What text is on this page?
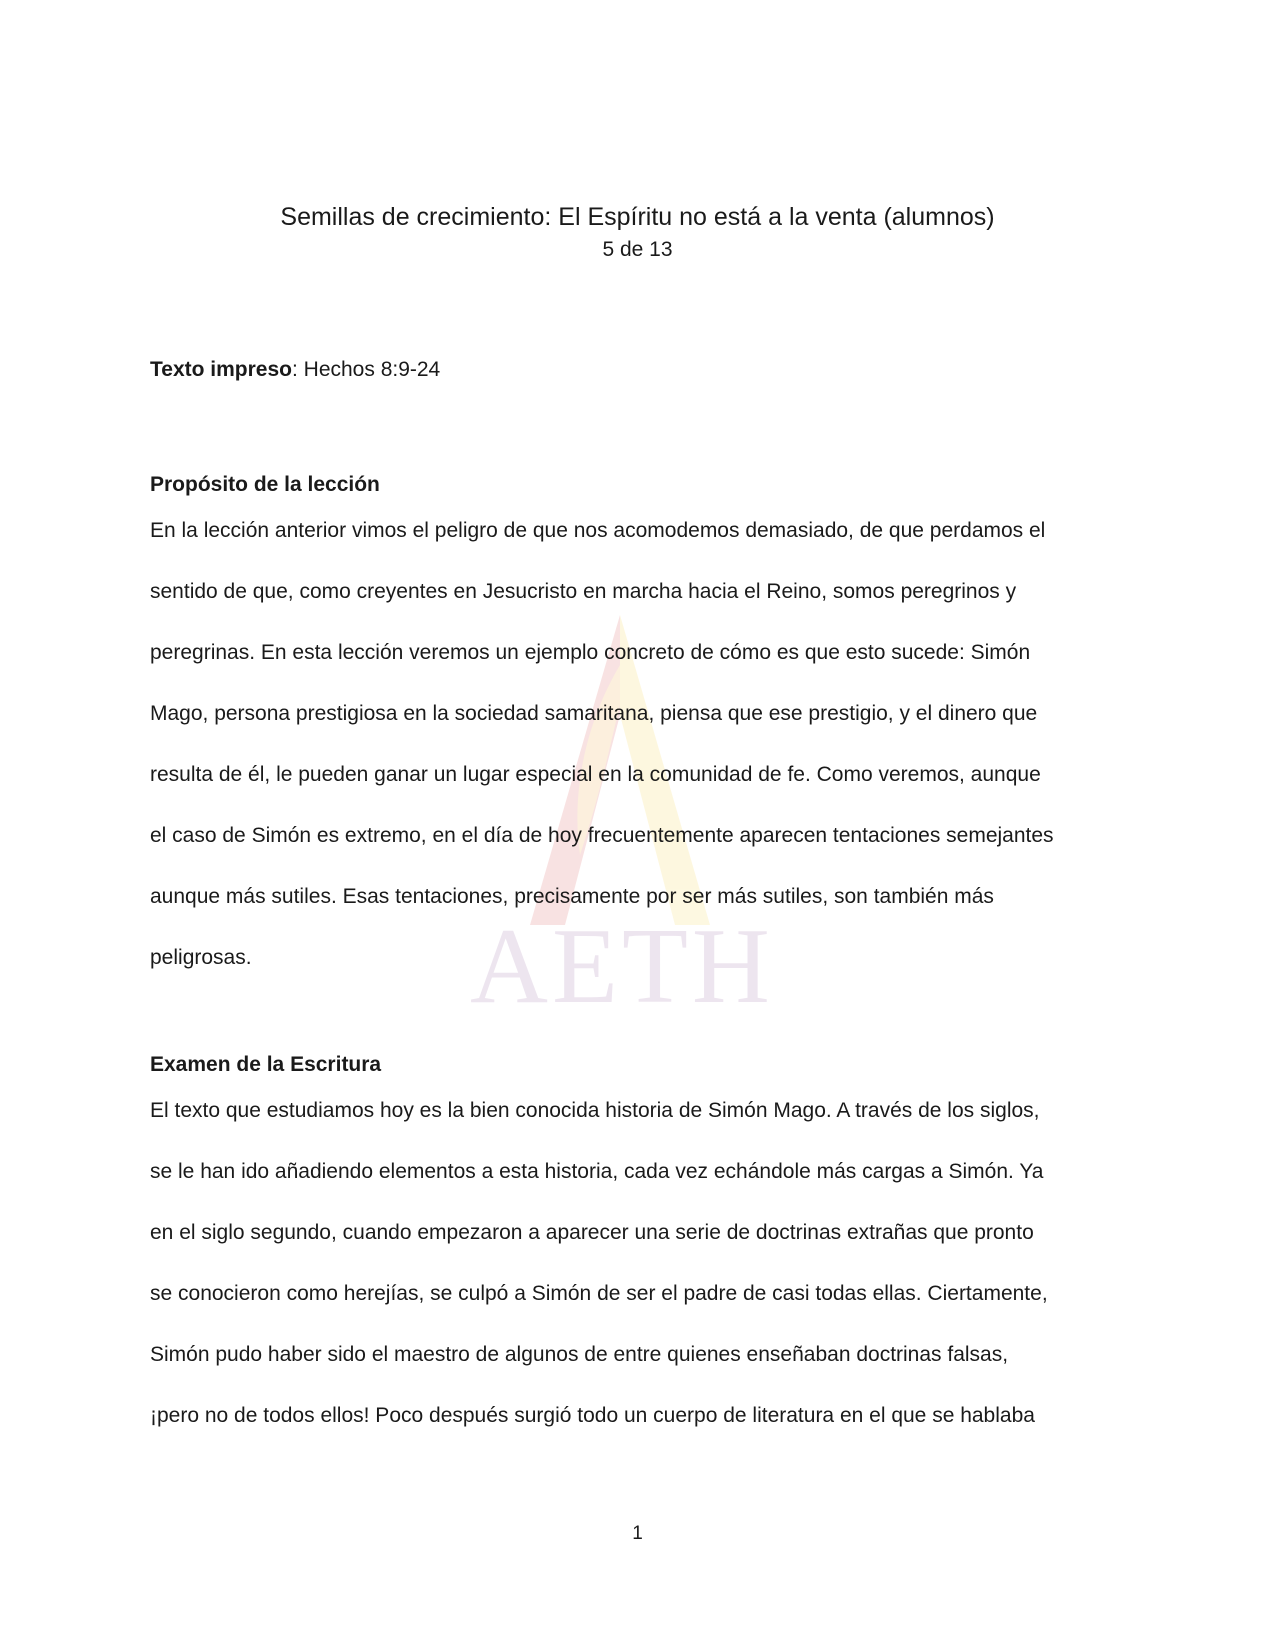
AETH
Semillas de crecimiento: El Espíritu no está a la venta (alumnos)
5 de 13
Texto impreso: Hechos 8:9-24
Propósito de la lección
En la lección anterior vimos el peligro de que nos acomodemos demasiado, de que perdamos el
sentido de que, como creyentes en Jesucristo en marcha hacia el Reino, somos peregrinos y
peregrinas. En esta lección veremos un ejemplo concreto de cómo es que esto sucede: Simón
Mago, persona prestigiosa en la sociedad samaritana, piensa que ese prestigio, y el dinero que
resulta de él, le pueden ganar un lugar especial en la comunidad de fe. Como veremos, aunque
el caso de Simón es extremo, en el día de hoy frecuentemente aparecen tentaciones semejantes
aunque más sutiles. Esas tentaciones, precisamente por ser más sutiles, son también más
peligrosas.
Examen de la Escritura
El texto que estudiamos hoy es la bien conocida historia de Simón Mago. A través de los siglos,
se le han ido añadiendo elementos a esta historia, cada vez echándole más cargas a Simón. Ya
en el siglo segundo, cuando empezaron a aparecer una serie de doctrinas extrañas que pronto
se conocieron como herejías, se culpó a Simón de ser el padre de casi todas ellas. Ciertamente,
Simón pudo haber sido el maestro de algunos de entre quienes enseñaban doctrinas falsas,
¡pero no de todos ellos! Poco después surgió todo un cuerpo de literatura en el que se hablaba
1
